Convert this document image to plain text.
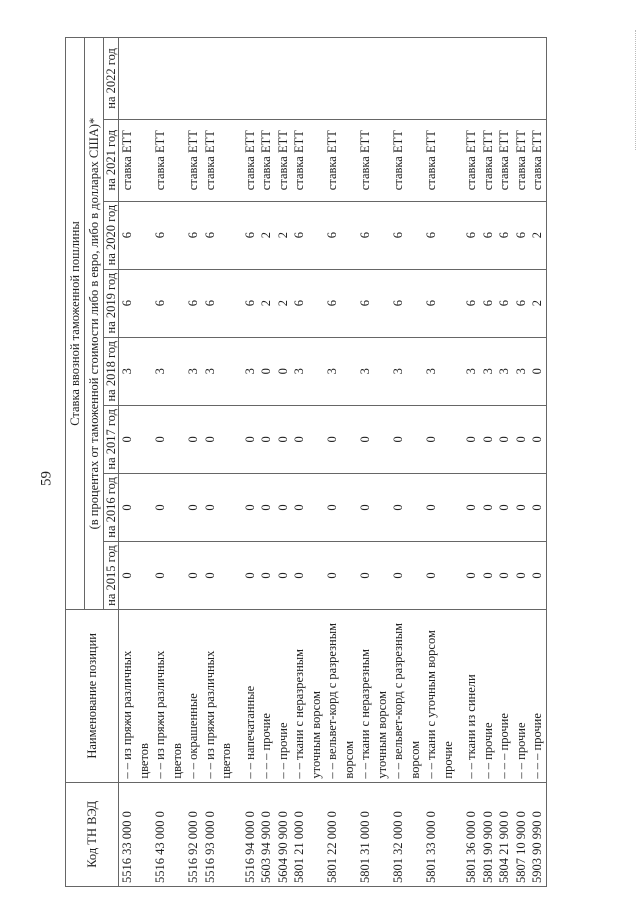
59
Код ТН ВЭД	Наименование позиции	Ставка ввозной таможенной пошлины							
		(в процентах от таможенной стоимости либо в евро, либо в долларах США)*							
		на 2015 год	на 2016 год	на 2017 год	на 2018 год	на 2019 год	на 2020 год	на 2021 год	на 2022 год
5516 33 000 0	– – из пряжи различных цветов	0	0	0	3	6	6	ставка ЕТТ	
5516 43 000 0	– – из пряжи различных цветов	0	0	0	3	6	6	ставка ЕТТ	
5516 92 000 0	– – окрашенные	0	0	0	3	6	6	ставка ЕТТ	
5516 93 000 0	– – из пряжи различных цветов	0	0	0	3	6	6	ставка ЕТТ	

5516 94 000 0	– – напечатанные	0	0	0	3	6	6	ставка ЕТТ	
5603 94 900 0	– – – прочие	0	0	0	0	2	2	ставка ЕТТ	
5604 90 900 0	– – прочие	0	0	0	0	2	2	ставка ЕТТ	
5801 21 000 0	– – ткани с неразрезным уточным ворсом	0	0	0	3	6	6	ставка ЕТТ	
5801 22 000 0	– – вельвет-корд с разрезным ворсом	0	0	0	3	6	6	ставка ЕТТ	
5801 31 000 0	– – ткани с неразрезным уточным ворсом	0	0	0	3	6	6	ставка ЕТТ	
5801 32 000 0	– – вельвет-корд с разрезным ворсом	0	0	0	3	6	6	ставка ЕТТ	
5801 33 000 0	– – ткани с уточным ворсом прочие	0	0	0	3	6	6	ставка ЕТТ	

5801 36 000 0	– – ткани из синели	0	0	0	3	6	6	ставка ЕТТ	
5801 90 900 0	– – прочие	0	0	0	3	6	6	ставка ЕТТ	
5804 21 900 0	– – – прочие	0	0	0	3	6	6	ставка ЕТТ	
5807 10 900 0	– – прочие	0	0	0	3	6	6	ставка ЕТТ	
5903 90 990 0	– – – прочие	0	0	0	0	2	2	ставка ЕТТ	
